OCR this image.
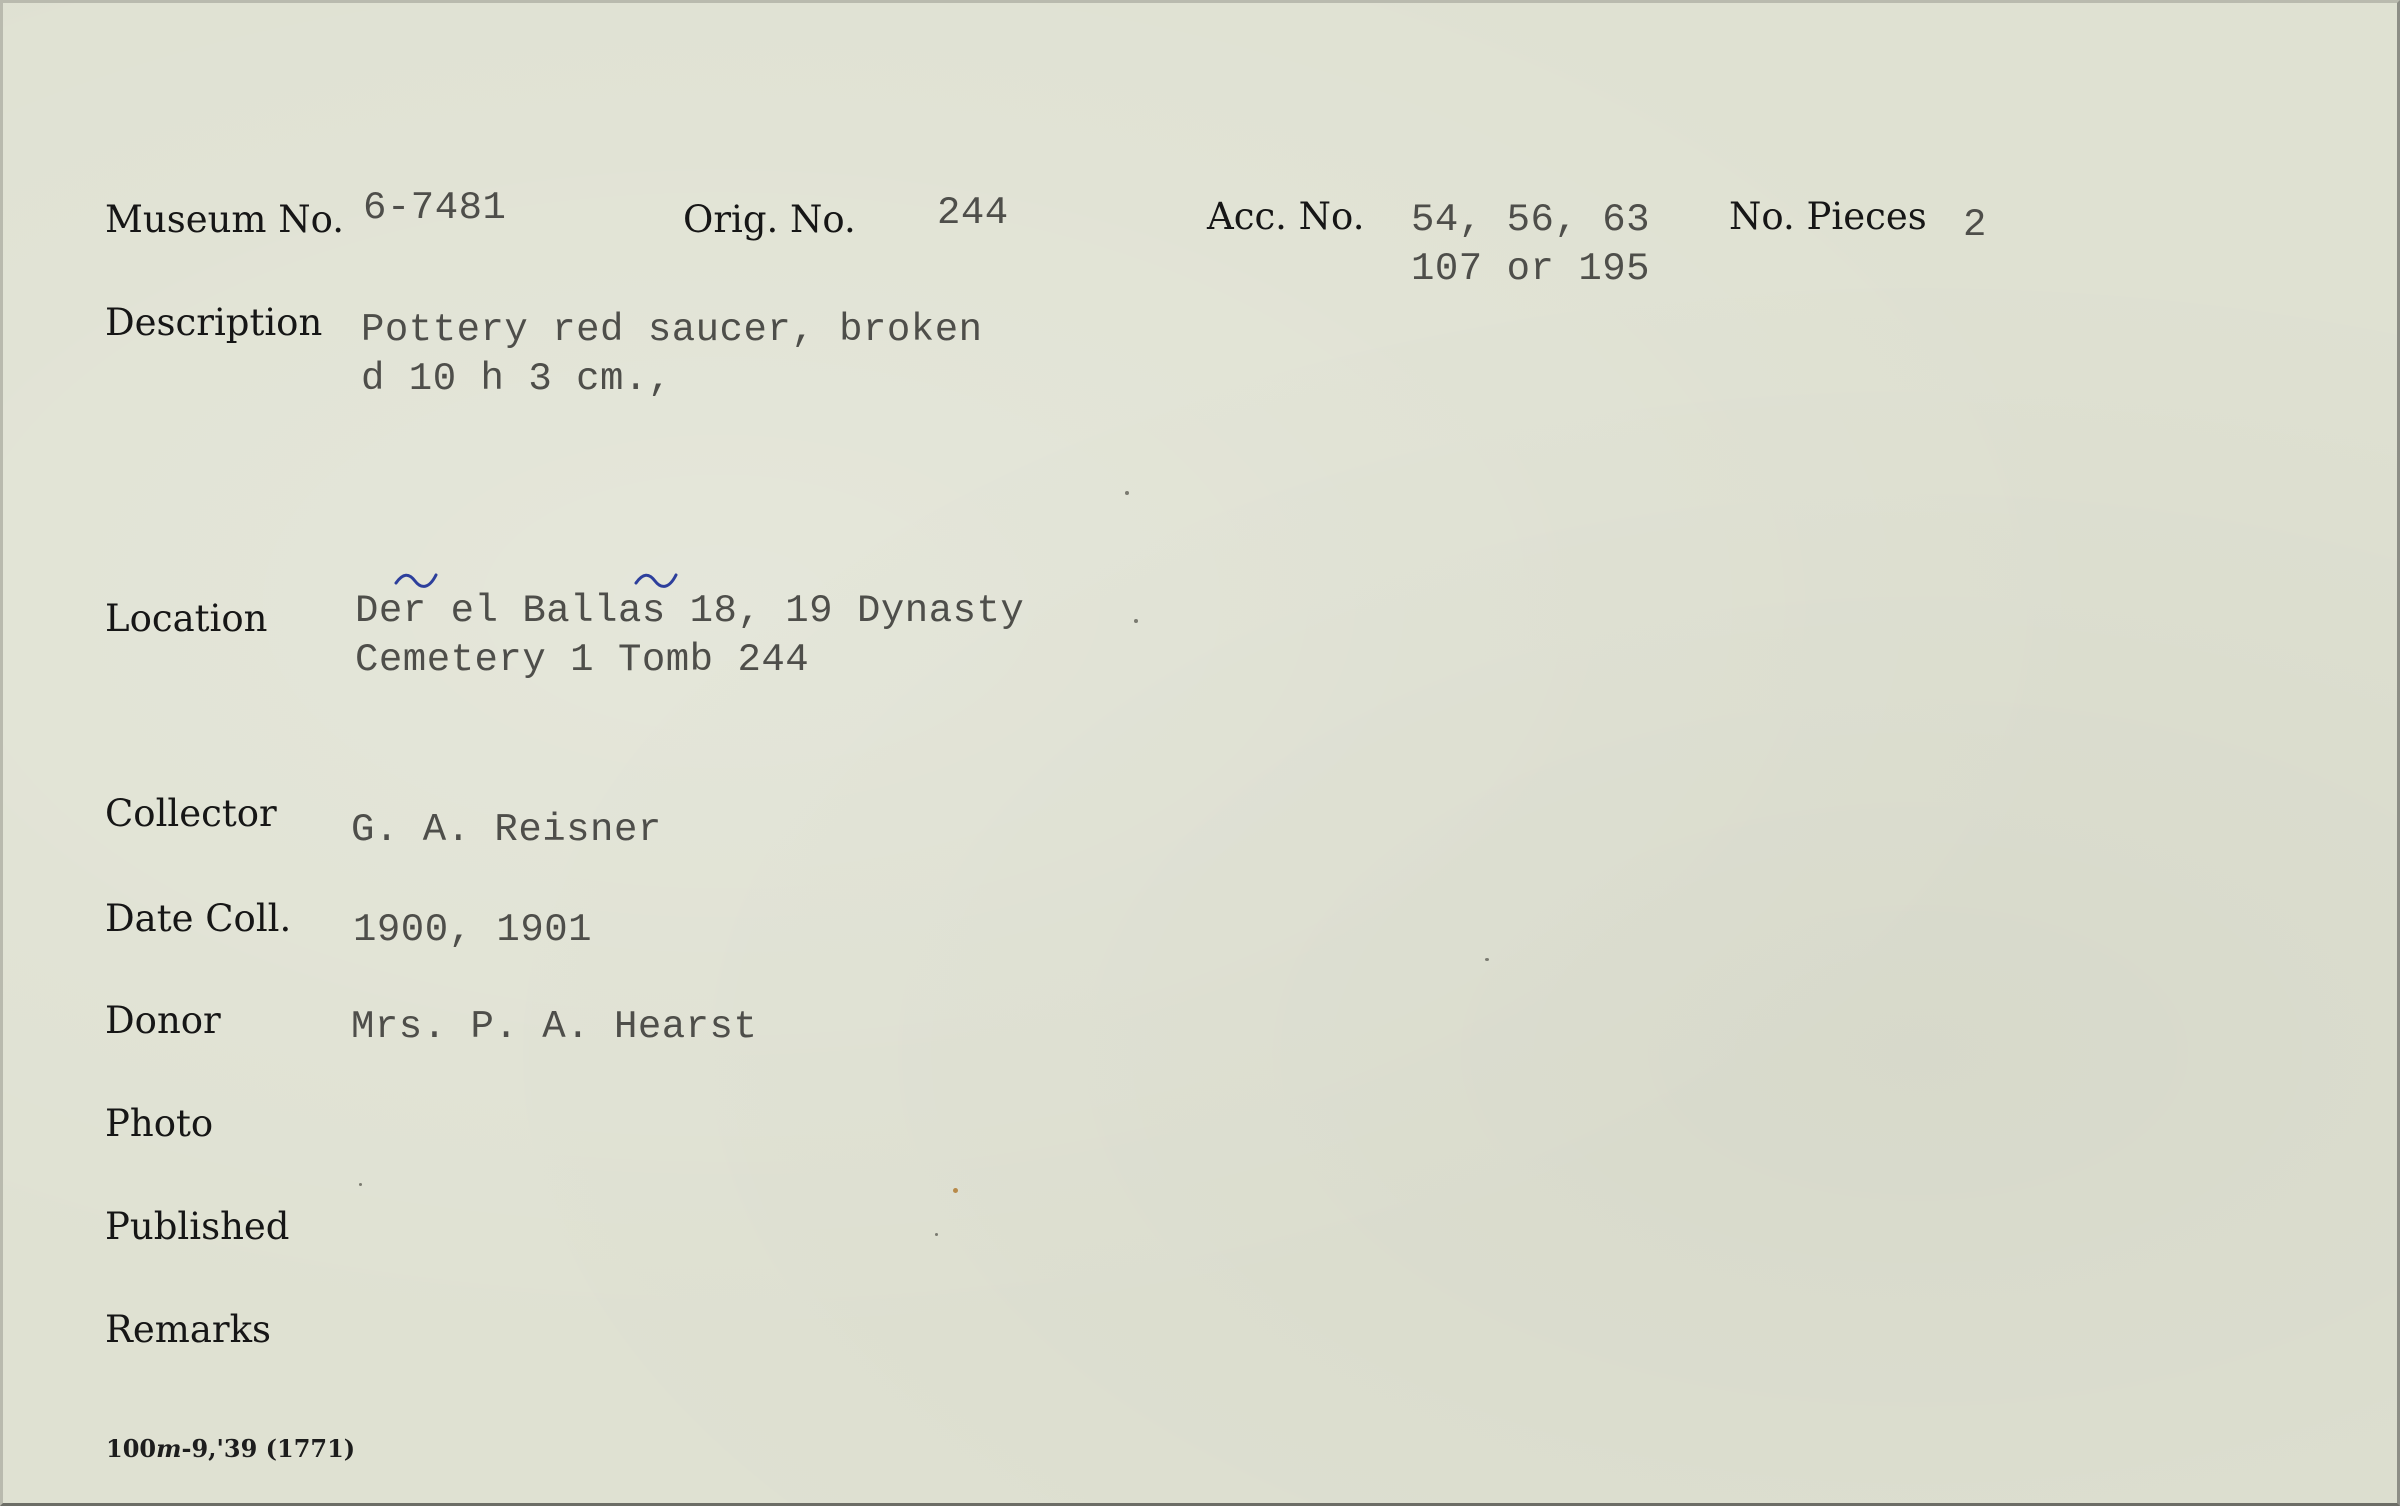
Museum No. 6-7481	Orig. No. 244	Acc. No. 54, 56, 63
107 or 195
No. Pieces 2
Description Pottery red saucer, broken
d 10 h 3 cm.,
Location Der el Ballas 18, 19 Dynasty
Cemetery 1 Tomb 244
Collector G. A. Reisner
Date Coll. 1900, 1901
Donor	Mrs. P. A. Hearst
Photo
Published
Remarks
100m-9,'39 (1771)
